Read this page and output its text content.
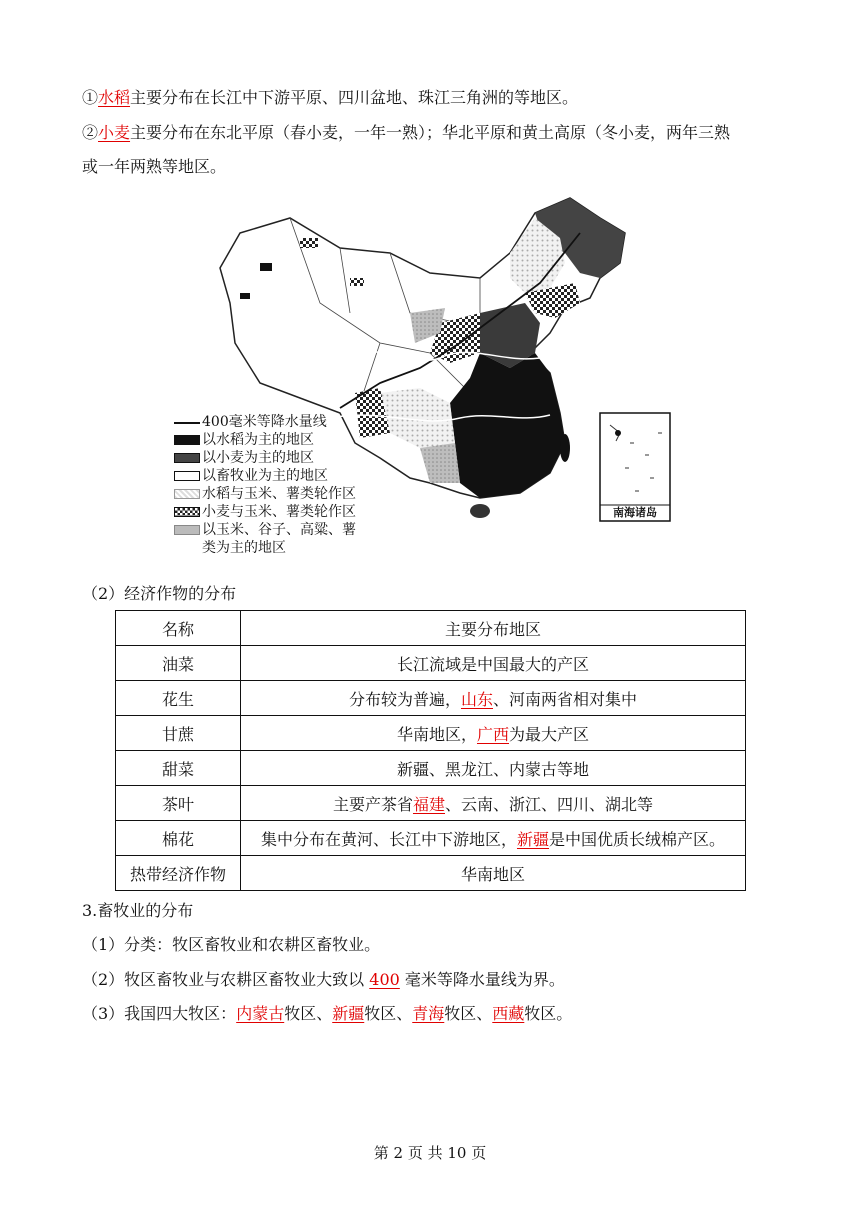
①水稻主要分布在长江中下游平原、四川盆地、珠江三角洲的等地区。
②小麦主要分布在东北平原（春小麦，一年一熟）；华北平原和黄土高原（冬小麦，两年三熟
或一年两熟等地区。
南海诸岛
400毫米等降水量线
以水稻为主的地区
以小麦为主的地区
以畜牧业为主的地区
水稻与玉米、薯类轮作区
小麦与玉米、薯类轮作区
以玉米、谷子、高粱、薯
类为主的地区
（2）经济作物的分布
名称	主要分布地区
油菜	长江流域是中国最大的产区
花生	分布较为普遍，山东、河南两省相对集中
甘蔗	华南地区，广西为最大产区
甜菜	新疆、黑龙江、内蒙古等地
茶叶	主要产茶省福建、云南、浙江、四川、湖北等
棉花	集中分布在黄河、长江中下游地区，新疆是中国优质长绒棉产区。
热带经济作物	华南地区
3.畜牧业的分布
（1）分类：牧区畜牧业和农耕区畜牧业。
（2）牧区畜牧业与农耕区畜牧业大致以 400 毫米等降水量线为界。
（3）我国四大牧区：内蒙古牧区、新疆牧区、青海牧区、西藏牧区。
第 2 页 共 10 页
